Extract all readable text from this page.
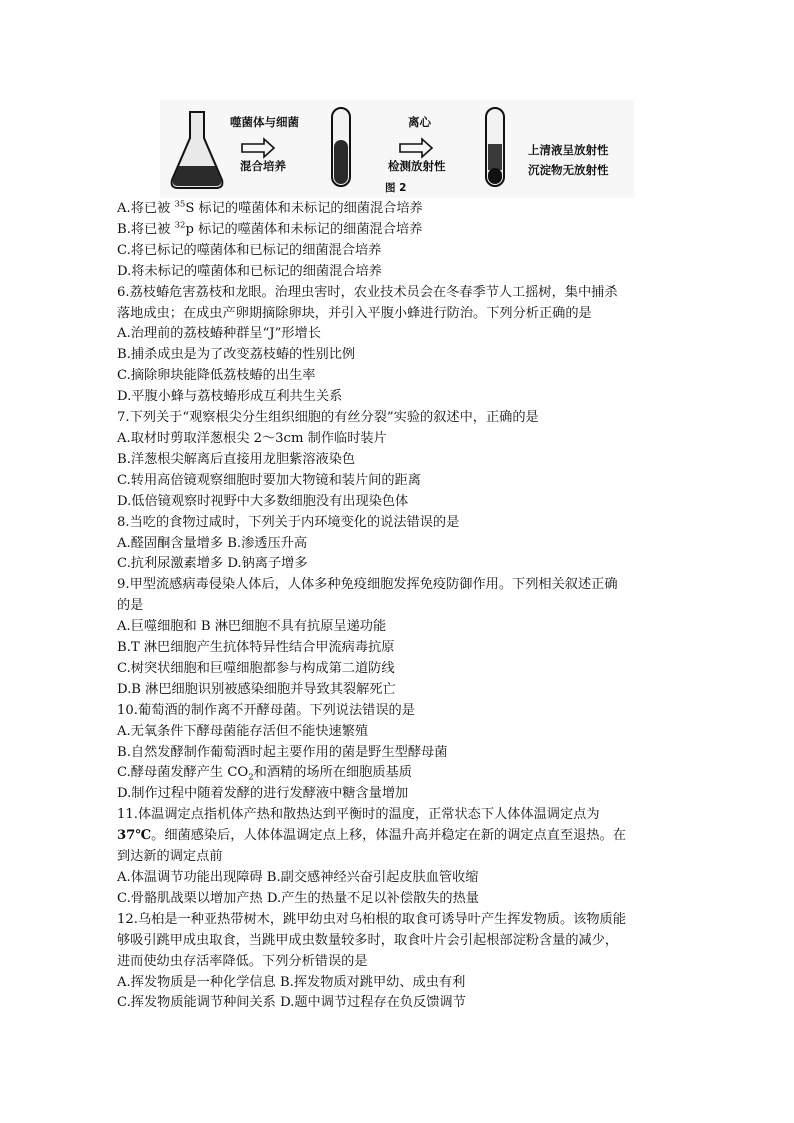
噬菌体与细菌
混合培养
离心
检测放射性
上清液呈放射性
沉淀物无放射性
图 2

A.将已被 $^{35}$S 标记的噬菌体和未标记的细菌混合培养

B.将已被 $^{32}$p 标记的噬菌体和未标记的细菌混合培养

C.将已标记的噬菌体和已标记的细菌混合培养

D.将未标记的噬菌体和已标记的细菌混合培养

6.荔枝蝽危害荔枝和龙眼。治理虫害时，农业技术员会在冬春季节人工摇树，集中捕杀

落地成虫；在成虫产卵期摘除卵块，并引入平腹小蜂进行防治。下列分析正确的是

A.治理前的荔枝蝽种群呈“J”形增长

B.捕杀成虫是为了改变荔枝蝽的性别比例

C.摘除卵块能降低荔枝蝽的出生率

D.平腹小蜂与荔枝蝽形成互利共生关系

7.下列关于“观察根尖分生组织细胞的有丝分裂”实验的叙述中，正确的是

A.取材时剪取洋葱根尖 2～3cm 制作临时装片

B.洋葱根尖解离后直接用龙胆紫溶液染色

C.转用高倍镜观察细胞时要加大物镜和装片间的距离

D.低倍镜观察时视野中大多数细胞没有出现染色体

8.当吃的食物过咸时，下列关于内环境变化的说法错误的是

A.醛固酮含量增多 B.渗透压升高

C.抗利尿激素增多 D.钠离子增多

9.甲型流感病毒侵染人体后，人体多种免疫细胞发挥免疫防御作用。下列相关叙述正确

的是

A.巨噬细胞和 B 淋巴细胞不具有抗原呈递功能

B.T 淋巴细胞产生抗体特异性结合甲流病毒抗原

C.树突状细胞和巨噬细胞都参与构成第二道防线

D.B 淋巴细胞识别被感染细胞并导致其裂解死亡

10.葡萄酒的制作离不开酵母菌。下列说法错误的是

A.无氧条件下酵母菌能存活但不能快速繁殖

B.自然发酵制作葡萄酒时起主要作用的菌是野生型酵母菌

C.酵母菌发酵产生 $CO_2$和酒精的场所在细胞质基质

D.制作过程中随着发酵的进行发酵液中糖含量增加

11.体温调定点指机体产热和散热达到平衡时的温度，正常状态下人体体温调定点为

37℃。细菌感染后，人体体温调定点上移，体温升高并稳定在新的调定点直至退热。在

到达新的调定点前

A.体温调节功能出现障碍 B.副交感神经兴奋引起皮肤血管收缩

C.骨骼肌战栗以增加产热 D.产生的热量不足以补偿散失的热量

12.乌桕是一种亚热带树木，跳甲幼虫对乌桕根的取食可诱导叶产生挥发物质。该物质能

够吸引跳甲成虫取食，当跳甲成虫数量较多时，取食叶片会引起根部淀粉含量的减少，

进而使幼虫存活率降低。下列分析错误的是

A.挥发物质是一种化学信息 B.挥发物质对跳甲幼、成虫有利

C.挥发物质能调节种间关系 D.题中调节过程存在负反馈调节
